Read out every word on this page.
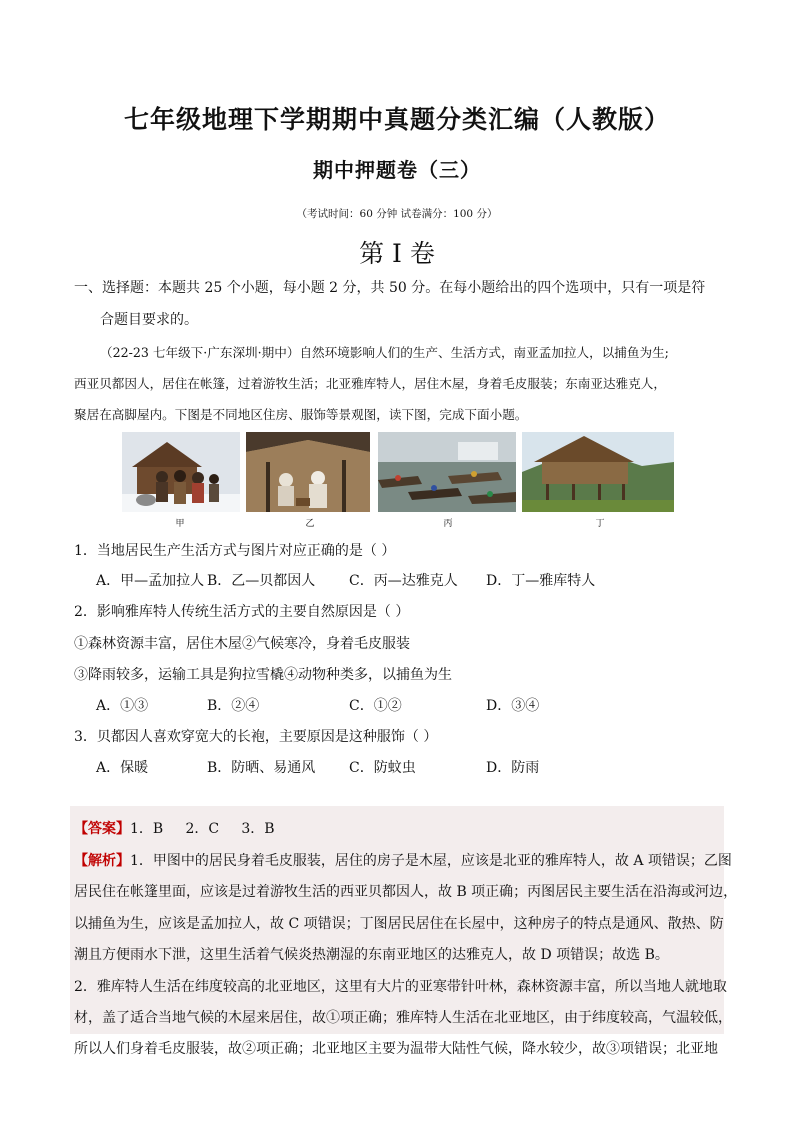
七年级地理下学期期中真题分类汇编（人教版）
期中押题卷（三）
（考试时间：60 分钟 试卷满分：100 分）
第 I 卷
一、选择题：本题共 25 个小题，每小题 2 分，共 50 分。在每小题给出的四个选项中，只有一项是符
合题目要求的。
（22-23 七年级下·广东深圳·期中）自然环境影响人们的生产、生活方式，南亚孟加拉人，以捕鱼为生;
西亚贝都因人，居住在帐篷，过着游牧生活；北亚雅库特人，居住木屋，身着毛皮服装；东南亚达雅克人，
聚居在高脚屋内。下图是不同地区住房、服饰等景观图，读下图，完成下面小题。
甲	乙	丙	丁
1．当地居民生产生活方式与图片对应正确的是（ ）
A．甲—孟加拉人 B．乙—贝都因人	C．丙—达雅克人	D．丁—雅库特人
2．影响雅库特人传统生活方式的主要自然原因是（ ）
①森林资源丰富，居住木屋②气候寒冷，身着毛皮服装
③降雨较多，运输工具是狗拉雪橇④动物种类多，以捕鱼为生
A．①③	B．②④	C．①②	D．③④
3．贝都因人喜欢穿宽大的长袍，主要原因是这种服饰（ ）
A．保暖	B．防晒、易通风	C．防蚊虫	D．防雨
【答案】1．B     2．C     3．B
【解析】1．甲图中的居民身着毛皮服装，居住的房子是木屋，应该是北亚的雅库特人，故 A 项错误；乙图
居民住在帐篷里面，应该是过着游牧生活的西亚贝都因人，故 B 项正确；丙图居民主要生活在沿海或河边，
以捕鱼为生，应该是孟加拉人，故 C 项错误；丁图居民居住在长屋中，这种房子的特点是通风、散热、防
潮且方便雨水下泄，这里生活着气候炎热潮湿的东南亚地区的达雅克人，故 D 项错误；故选 B。
2．雅库特人生活在纬度较高的北亚地区，这里有大片的亚寒带针叶林，森林资源丰富，所以当地人就地取
材，盖了适合当地气候的木屋来居住，故①项正确；雅库特人生活在北亚地区，由于纬度较高，气温较低，
所以人们身着毛皮服装，故②项正确；北亚地区主要为温带大陆性气候，降水较少，故③项错误；北亚地
